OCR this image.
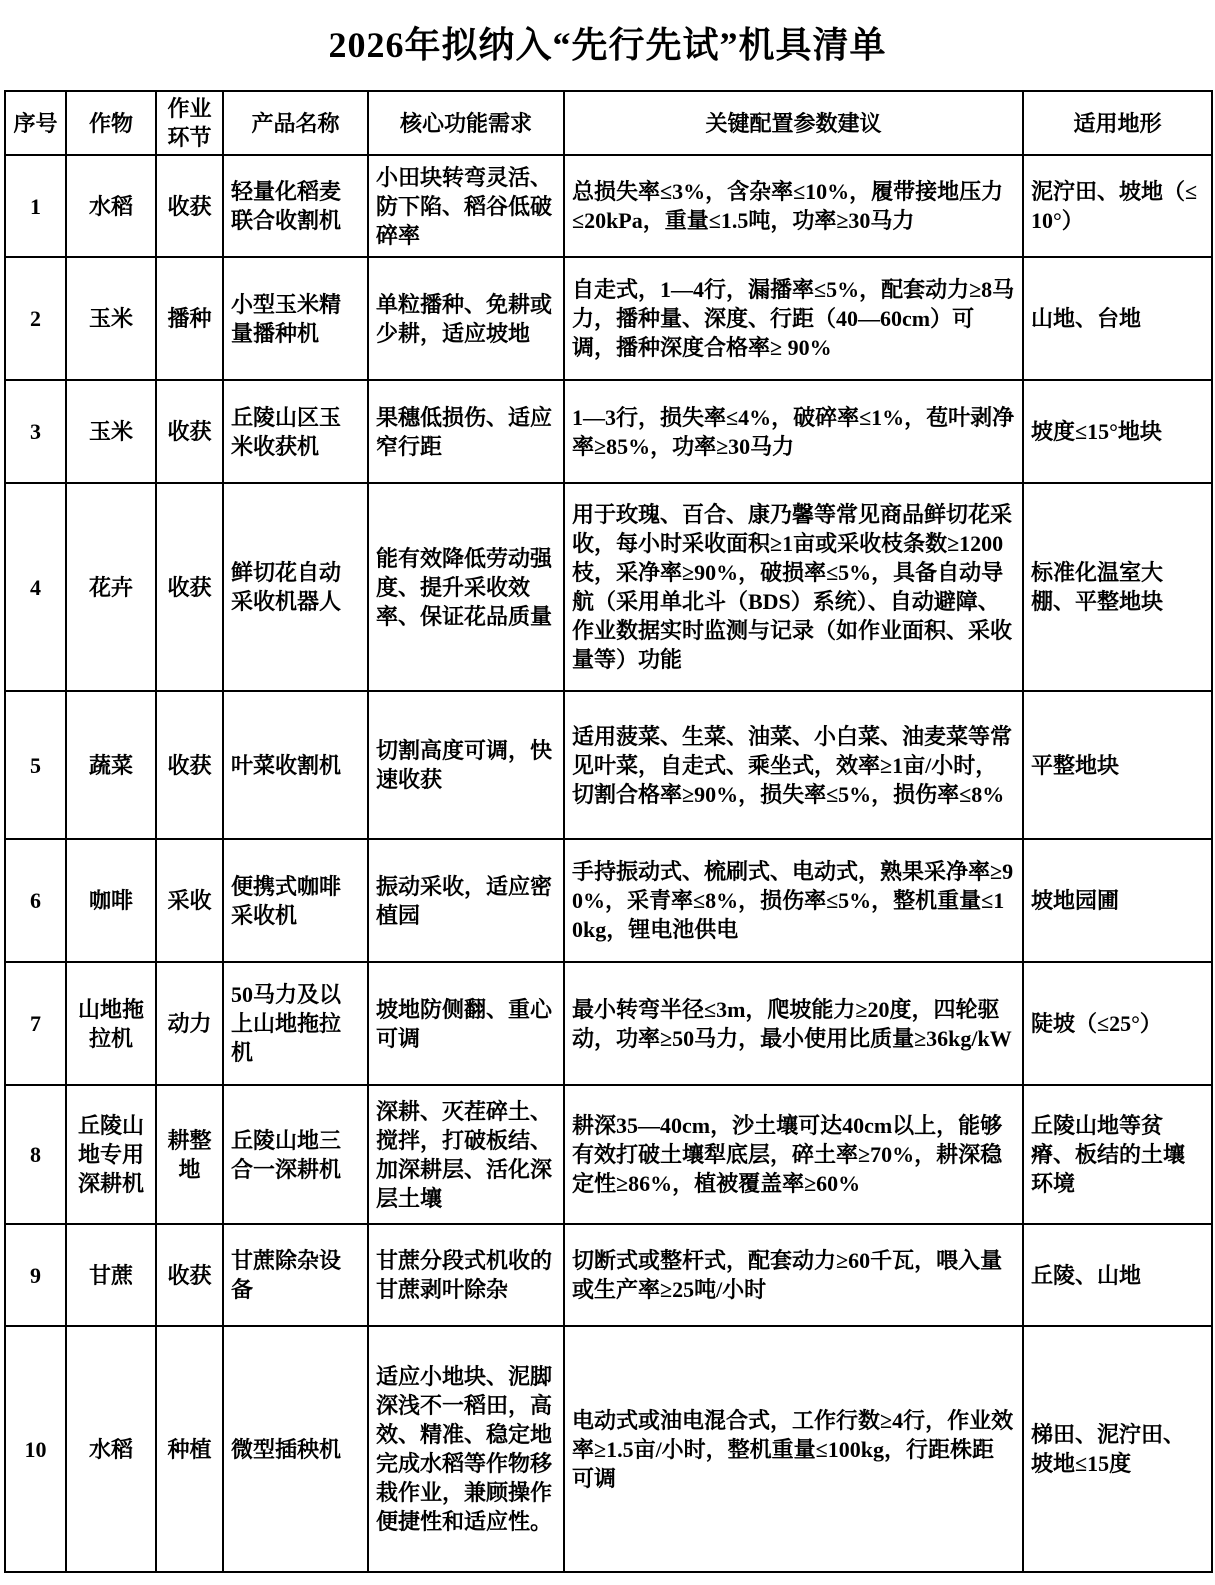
2026年拟纳入“先行先试”机具清单
序号	作物	作业环节	产品名称	核心功能需求	关键配置参数建议	适用地形
1	水稻	收获	轻量化稻麦联合收割机	小田块转弯灵活、防下陷、稻谷低破碎率	总损失率≤3%，含杂率≤10%，履带接地压力≤20kPa，重量≤1.5吨，功率≥30马力	泥泞田、坡地（≤10°）
2	玉米	播种	小型玉米精量播种机	单粒播种、免耕或少耕，适应坡地	自走式，1—4行，漏播率≤5%，配套动力≥8马力，播种量、深度、行距（40—60cm）可调，播种深度合格率≥ 90%	山地、台地
3	玉米	收获	丘陵山区玉米收获机	果穗低损伤、适应窄行距	1—3行，损失率≤4%，破碎率≤1%，苞叶剥净率≥85%，功率≥30马力	坡度≤15°地块
4	花卉	收获	鲜切花自动采收机器人	能有效降低劳动强度、提升采收效率、保证花品质量	用于玫瑰、百合、康乃馨等常见商品鲜切花采收，每小时采收面积≥1亩或采收枝条数≥1200枝，采净率≥90%，破损率≤5%，具备自动导航（采用单北斗（BDS）系统）、自动避障、作业数据实时监测与记录（如作业面积、采收量等）功能	标准化温室大棚、平整地块
5	蔬菜	收获	叶菜收割机	切割高度可调，快速收获	适用菠菜、生菜、油菜、小白菜、油麦菜等常见叶菜，自走式、乘坐式，效率≥1亩/小时，切割合格率≥90%，损失率≤5%，损伤率≤8%	平整地块
6	咖啡	采收	便携式咖啡采收机	振动采收，适应密植园	手持振动式、梳刷式、电动式，熟果采净率≥90%，采青率≤8%，损伤率≤5%，整机重量≤10kg，锂电池供电	坡地园圃
7	山地拖拉机	动力	50马力及以上山地拖拉机	坡地防侧翻、重心可调	最小转弯半径≤3m，爬坡能力≥20度，四轮驱动，功率≥50马力，最小使用比质量≥36kg/kW	陡坡（≤25°）
8	丘陵山地专用深耕机	耕整地	丘陵山地三合一深耕机	深耕、灭茬碎土、搅拌，打破板结、加深耕层、活化深层土壤	耕深35—40cm，沙土壤可达40cm以上，能够有效打破土壤犁底层，碎土率≥70%，耕深稳定性≥86%，植被覆盖率≥60%	丘陵山地等贫瘠、板结的土壤环境
9	甘蔗	收获	甘蔗除杂设备	甘蔗分段式机收的甘蔗剥叶除杂	切断式或整杆式，配套动力≥60千瓦，喂入量或生产率≥25吨/小时	丘陵、山地
10	水稻	种植	微型插秧机	适应小地块、泥脚深浅不一稻田，高效、精准、稳定地完成水稻等作物移栽作业，兼顾操作便捷性和适应性。	电动式或油电混合式，工作行数≥4行，作业效率≥1.5亩/小时，整机重量≤100kg，行距株距可调	梯田、泥泞田、坡地≤15度
